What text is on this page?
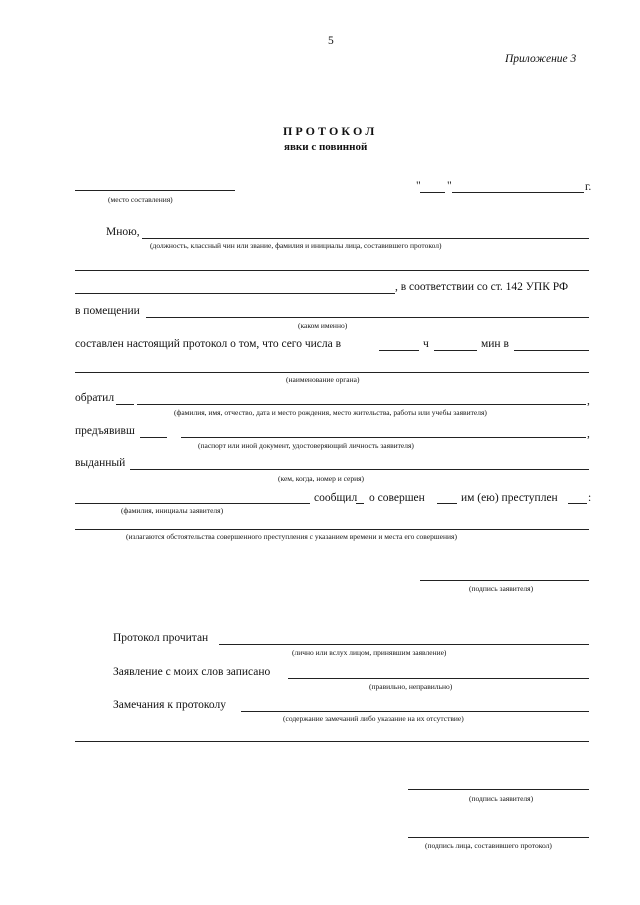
5
Приложение 3
П Р О Т О К О Л
явки с повинной
(место составления)
" "	г.
Мною,
(должность, классный чин или звание, фамилия и инициалы лица, составившего протокол)
, в соответствии со ст. 142 УПК РФ
в помещении
(каком именно)
составлен настоящий протокол о том, что сего числа в	ч	мин в
(наименование органа)
обратил	,
(фамилия, имя, отчество, дата и место рождения, место жительства, работы или учебы заявителя)
предъявивш	,
(паспорт или иной документ, удостоверяющий личность заявителя)
выданный
(кем, когда, номер и серия)
сообщил о совершен	им (ею) преступлен	:
(фамилия, инициалы заявителя)
(излагаются обстоятельства совершенного преступления с указанием времени и места его совершения)
(подпись заявителя)
Протокол прочитан
(лично или вслух лицом, принявшим заявление)
Заявление с моих слов записано
(правильно, неправильно)
Замечания к протоколу
(содержание замечаний либо указание на их отсутствие)
(подпись заявителя)
(подпись лица, составившего протокол)
